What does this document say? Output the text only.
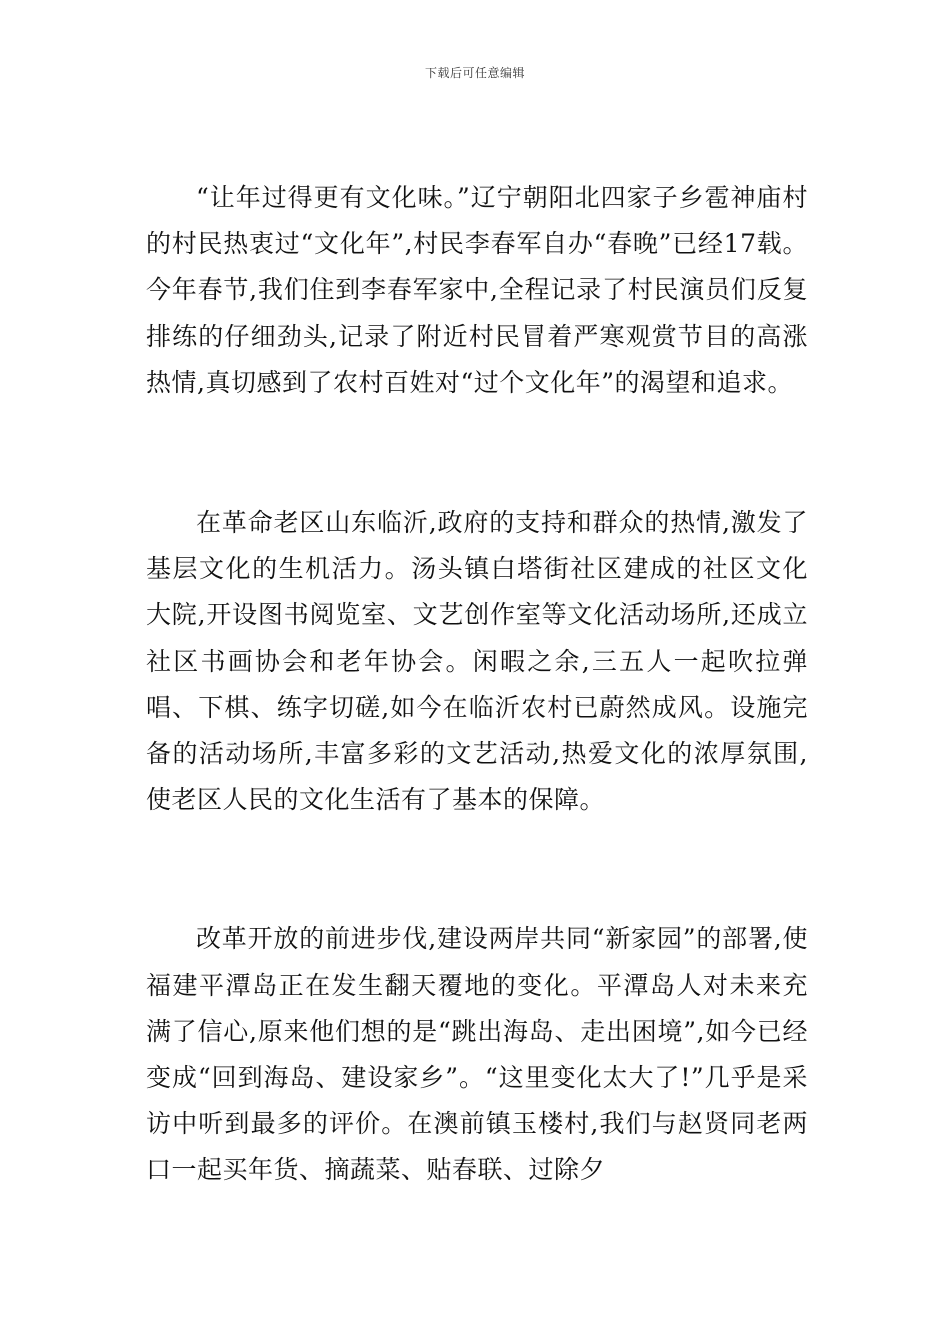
下载后可任意编辑

“让年过得更有文化味。”辽宁朝阳北四家子乡雹神庙村的村民热衷过“文化年”,村民李春军自办“春晚”已经17载。今年春节,我们住到李春军家中,全程记录了村民演员们反复排练的仔细劲头,记录了附近村民冒着严寒观赏节目的高涨热情,真切感到了农村百姓对“过个文化年”的渴望和追求。

在革命老区山东临沂,政府的支持和群众的热情,激发了基层文化的生机活力。汤头镇白塔街社区建成的社区文化大院,开设图书阅览室、文艺创作室等文化活动场所,还成立社区书画协会和老年协会。闲暇之余,三五人一起吹拉弹唱、下棋、练字切磋,如今在临沂农村已蔚然成风。设施完备的活动场所,丰富多彩的文艺活动,热爱文化的浓厚氛围,使老区人民的文化生活有了基本的保障。

改革开放的前进步伐,建设两岸共同“新家园”的部署,使福建平潭岛正在发生翻天覆地的变化。平潭岛人对未来充满了信心,原来他们想的是“跳出海岛、走出困境”,如今已经变成“回到海岛、建设家乡”。“这里变化太大了!”几乎是采访中听到最多的评价。在澳前镇玉楼村,我们与赵贤同老两口一起买年货、摘蔬菜、贴春联、过除夕
